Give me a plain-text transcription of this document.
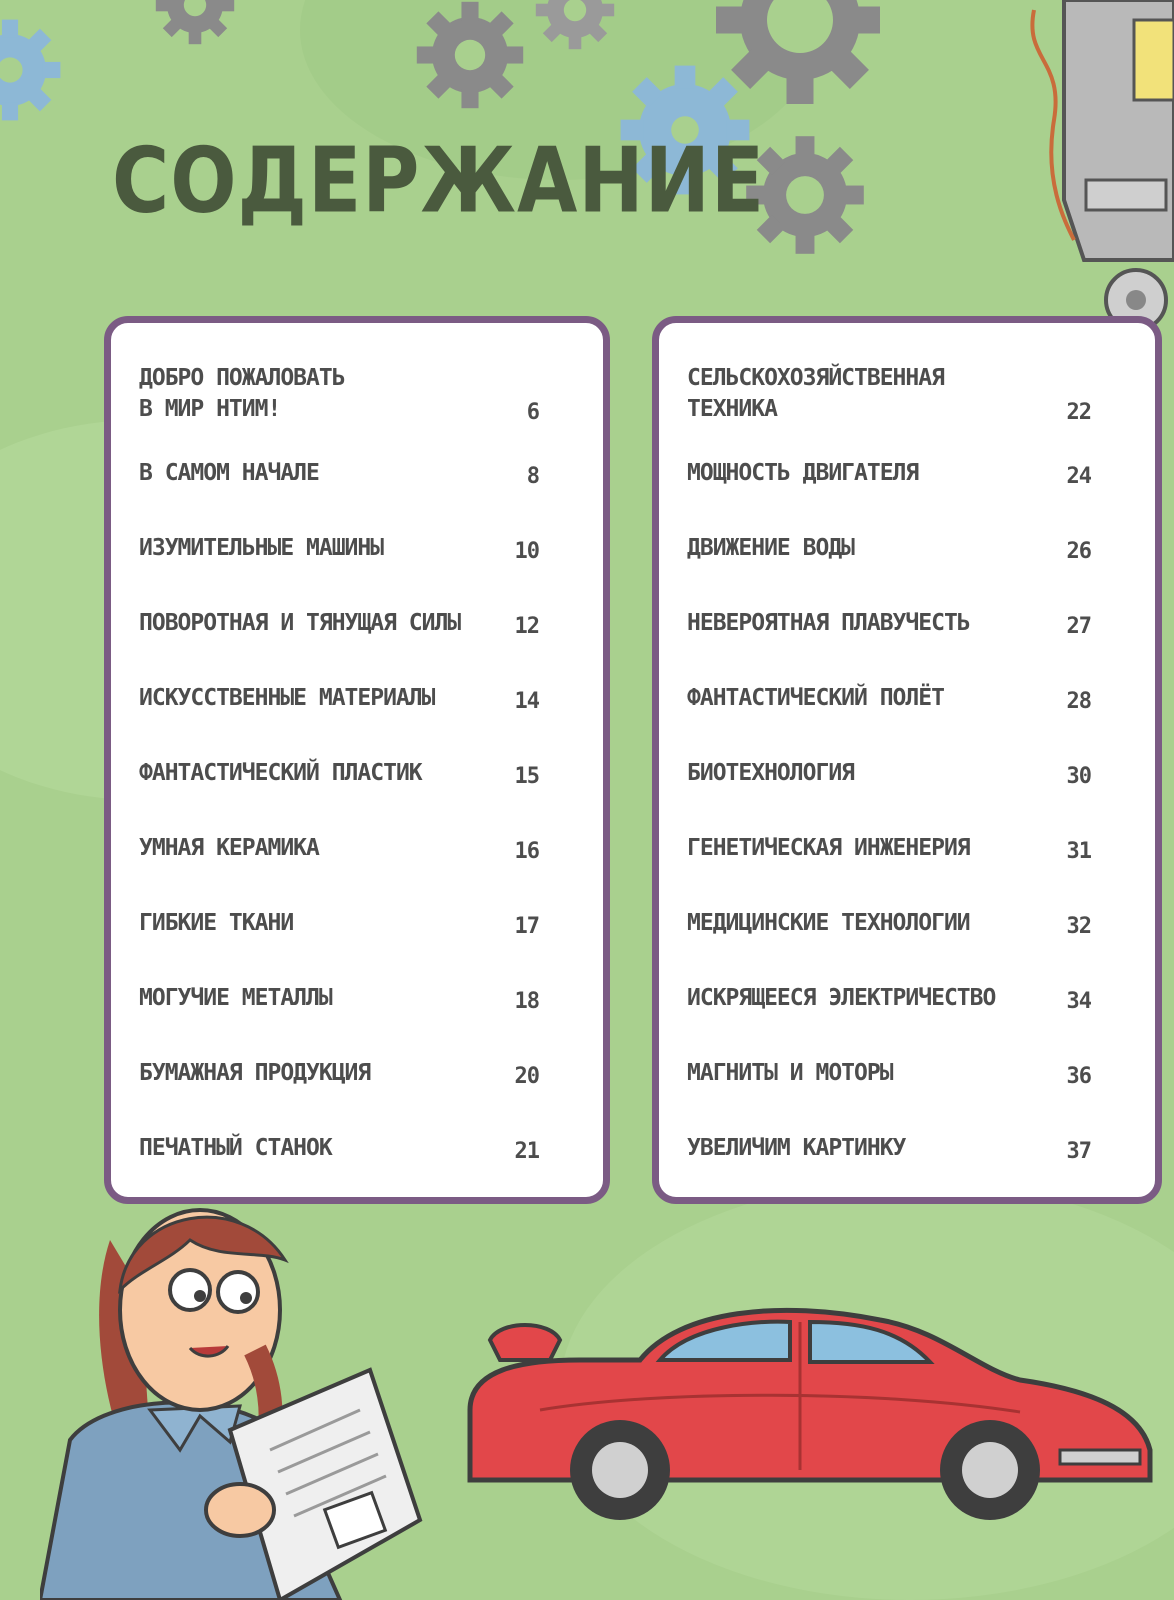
СОДЕРЖАНИЕ
ДОБРО ПОЖАЛОВАТЬ
В МИР НТИМ!	6
В САМОМ НАЧАЛЕ	8
ИЗУМИТЕЛЬНЫЕ МАШИНЫ	10
ПОВОРОТНАЯ И ТЯНУЩАЯ СИЛЫ 12
ИСКУССТВЕННЫЕ МАТЕРИАЛЫ	14
ФАНТАСТИЧЕСКИЙ ПЛАСТИК	15
УМНАЯ КЕРАМИКА	16
ГИБКИЕ ТКАНИ	17
МОГУЧИЕ МЕТАЛЛЫ	18
БУМАЖНАЯ ПРОДУКЦИЯ	20
ПЕЧАТНЫЙ СТАНОК	21
СЕЛЬСКОХОЗЯЙСТВЕННАЯ
ТЕХНИКА	22
МОЩНОСТЬ ДВИГАТЕЛЯ	24
ДВИЖЕНИЕ ВОДЫ	26
НЕВЕРОЯТНАЯ ПЛАВУЧЕСТЬ	27
ФАНТАСТИЧЕСКИЙ ПОЛЁТ	28
БИОТЕХНОЛОГИЯ	30
ГЕНЕТИЧЕСКАЯ ИНЖЕНЕРИЯ	31
МЕДИЦИНСКИЕ ТЕХНОЛОГИИ	32
ИСКРЯЩЕЕСЯ ЭЛЕКТРИЧЕСТВО	34
МАГНИТЫ И МОТОРЫ	36
УВЕЛИЧИМ КАРТИНКУ	37
